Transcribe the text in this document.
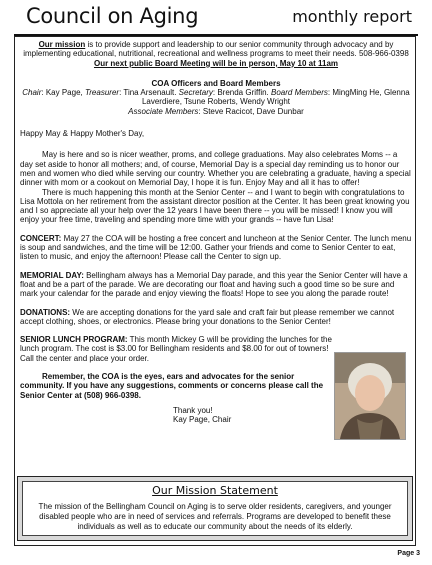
Council on Aging	monthly report
Our mission is to provide support and leadership to our senior community through advocacy and by implementing educational, nutritional, recreational and wellness programs to meet their needs. 508-966-0398
Our next public Board Meeting will be in person, May 10 at 11am
COA Officers and Board Members
Chair: Kay Page, Treasurer: Tina Arsenault. Secretary: Brenda Griffin. Board Members: MingMing He, Glenna Laverdiere, Tsune Roberts, Wendy Wright
Associate Members: Steve Racicot, Dave Dunbar

Happy May & Happy Mother's Day,

May is here and so is nicer weather, proms, and college graduations. May also celebrates Moms -- a day set aside to honor all mothers; and, of course, Memorial Day is a special day reminding us to honor our men and women who died while serving our country. Whether you are celebrating a graduate, having a special dinner with mom or a cookout on Memorial Day, I hope it is fun. Enjoy May and all it has to offer!

There is much happening this month at the Senior Center -- and I want to begin with congratulations to Lisa Mottola on her retirement from the assistant director position at the Center. It has been great knowing you and I so appreciate all your help over the 12 years I have been there -- you will be missed! I know you will enjoy your free time, traveling and spending more time with your grands -- have fun Lisa!

CONCERT: May 27 the COA will be hosting a free concert and luncheon at the Senior Center. The lunch menu is soup and sandwiches, and the time will be 12:00. Gather your friends and come to Senior Center to eat, listen to music, and enjoy the afternoon! Please call the Center to sign up.

MEMORIAL DAY: Bellingham always has a Memorial Day parade, and this year the Senior Center will have a float and be a part of the parade. We are decorating our float and having such a good time so be sure and mark your calendar for the parade and enjoy viewing the floats! Hope to see you along the parade route!

DONATIONS: We are accepting donations for the yard sale and craft fair but please remember we cannot accept clothing, shoes, or electronics. Please bring your donations to the Senior Center!

SENIOR LUNCH PROGRAM: This month Mickey G will be providing the lunches for the lunch program. The cost is $3.00 for Bellingham residents and $8.00 for out of towners! Call the center and place your order.

Remember, the COA is the eyes, ears and advocates for the senior community. If you have any suggestions, comments or concerns please call the Senior Center at (508) 966-0398.

Thank you!
Kay Page, Chair
Our Mission Statement
The mission of the Bellingham Council on Aging is to serve older residents, caregivers, and younger disabled people who are in need of services and referrals. Programs are developed to benefit these individuals as well as to educate our community about the needs of its elderly.
Page 3
